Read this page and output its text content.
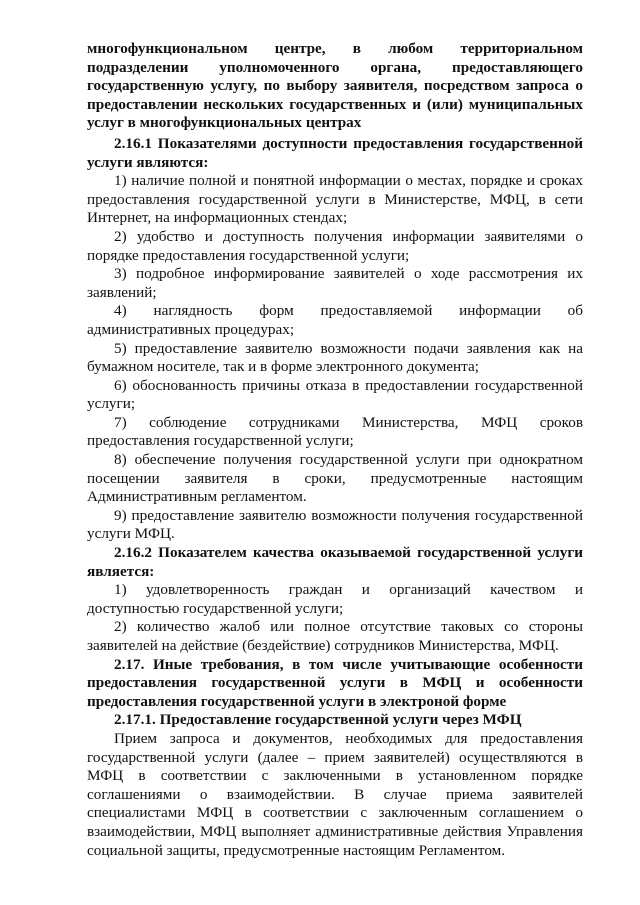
многофункциональном центре, в любом территориальном подразделении уполномоченного органа, предоставляющего государственную услугу, по выбору заявителя, посредством запроса о предоставлении нескольких государственных и (или) муниципальных услуг в многофункциональных центрах

2.16.1 Показателями доступности предоставления государственной услуги являются:

1) наличие полной и понятной информации о местах, порядке и сроках предоставления государственной услуги в Министерстве, МФЦ, в сети Интернет, на информационных стендах;

2) удобство и доступность получения информации заявителями о порядке предоставления государственной услуги;

3) подробное информирование заявителей о ходе рассмотрения их заявлений;

4) наглядность форм предоставляемой информации об административных процедурах;

5) предоставление заявителю возможности подачи заявления как на бумажном носителе, так и в форме электронного документа;

6) обоснованность причины отказа в предоставлении государственной услуги;

7) соблюдение сотрудниками Министерства, МФЦ сроков предоставления государственной услуги;

8) обеспечение получения государственной услуги при однократном посещении заявителя в сроки, предусмотренные настоящим Административным регламентом.

9) предоставление заявителю возможности получения государственной услуги МФЦ.

2.16.2 Показателем качества оказываемой государственной услуги является:

1) удовлетворенность граждан и организаций качеством и доступностью государственной услуги;

2) количество жалоб или полное отсутствие таковых со стороны заявителей на действие (бездействие) сотрудников Министерства, МФЦ.

2.17. Иные требования, в том числе учитывающие особенности предоставления государственной услуги в МФЦ и особенности предоставления государственной услуги в электроной форме

2.17.1. Предоставление государственной услуги через МФЦ

Прием запроса и документов, необходимых для предоставления государственной услуги (далее – прием заявителей) осуществляются в МФЦ в соответствии с заключенными в установленном порядке соглашениями о взаимодействии. В случае приема заявителей специалистами МФЦ в соответствии с заключенным соглашением о взаимодействии, МФЦ выполняет административные действия Управления социальной защиты, предусмотренные настоящим Регламентом.
